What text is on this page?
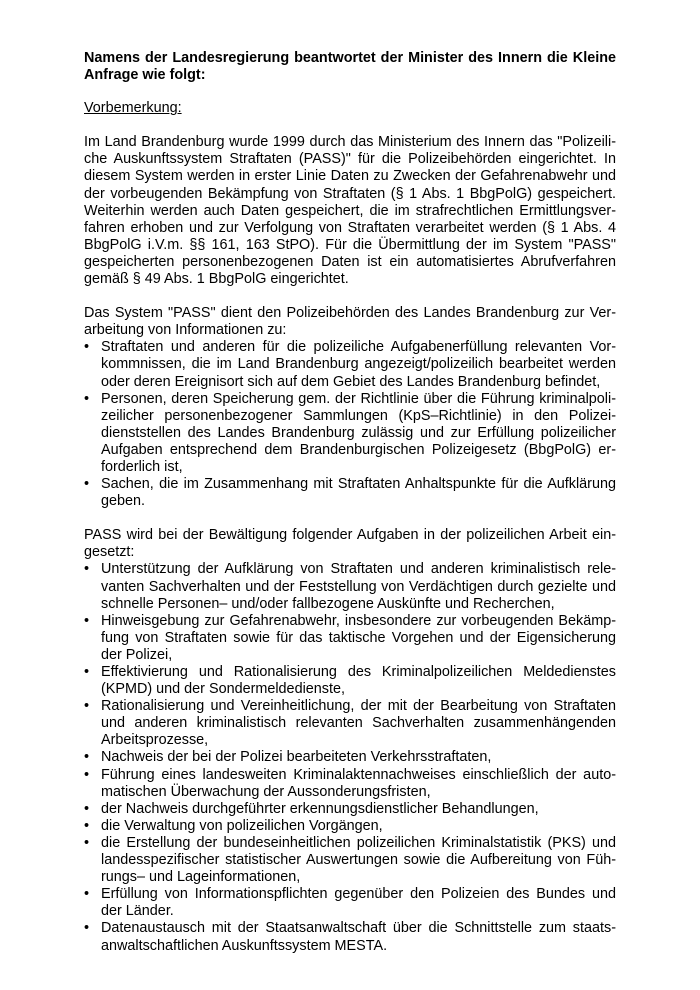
Namens der Landesregierung beantwortet der Minister des Innern die Kleine Anfrage wie folgt:
Vorbemerkung:

Im Land Brandenburg wurde 1999 durch das Ministerium des Innern das "Polizeiliche Auskunftssystem Straftaten (PASS)" für die Polizeibehörden eingerichtet. In diesem System werden in erster Linie Daten zu Zwecken der Gefahrenabwehr und der vorbeugenden Bekämpfung von Straftaten (§ 1 Abs. 1 BbgPolG) gespeichert. Weiterhin werden auch Daten gespeichert, die im strafrechtlichen Ermittlungsverfahren erhoben und zur Verfolgung von Straftaten verarbeitet werden (§ 1 Abs. 4 BbgPolG i.V.m. §§ 161, 163 StPO). Für die Übermittlung der im System "PASS" gespeicherten personenbezogenen Daten ist ein automatisiertes Abrufverfahren gemäß § 49 Abs. 1 BbgPolG eingerichtet.

Das System "PASS" dient den Polizeibehörden des Landes Brandenburg zur Verarbeitung von Informationen zu:

• Straftaten und anderen für die polizeiliche Aufgabenerfüllung relevanten Vorkommnissen, die im Land Brandenburg angezeigt/polizeilich bearbeitet werden oder deren Ereignisort sich auf dem Gebiet des Landes Brandenburg befindet,
• Personen, deren Speicherung gem. der Richtlinie über die Führung kriminalpolizeilicher personenbezogener Sammlungen (KpS–Richtlinie) in den Polizeidienststellen des Landes Brandenburg zulässig und zur Erfüllung polizeilicher Aufgaben entsprechend dem Brandenburgischen Polizeigesetz (BbgPolG) erforderlich ist,
• Sachen, die im Zusammenhang mit Straftaten Anhaltspunkte für die Aufklärung geben.

PASS wird bei der Bewältigung folgender Aufgaben in der polizeilichen Arbeit eingesetzt:

• Unterstützung der Aufklärung von Straftaten und anderen kriminalistisch relevanten Sachverhalten und der Feststellung von Verdächtigen durch gezielte und schnelle Personen– und/oder fallbezogene Auskünfte und Recherchen,
• Hinweisgebung zur Gefahrenabwehr, insbesondere zur vorbeugenden Bekämpfung von Straftaten sowie für das taktische Vorgehen und der Eigensicherung der Polizei,
• Effektivierung und Rationalisierung des Kriminalpolizeilichen Meldedienstes (KPMD) und der Sondermeldedienste,
• Rationalisierung und Vereinheitlichung, der mit der Bearbeitung von Straftaten und anderen kriminalistisch relevanten Sachverhalten zusammenhängenden Arbeitsprozesse,
• Nachweis der bei der Polizei bearbeiteten Verkehrsstraftaten,
• Führung eines landesweiten Kriminalaktennachweises einschließlich der automatischen Überwachung der Aussonderungsfristen,
• der Nachweis durchgeführter erkennungsdienstlicher Behandlungen,
• die Verwaltung von polizeilichen Vorgängen,
• die Erstellung der bundeseinheitlichen polizeilichen Kriminalstatistik (PKS) und landesspezifischer statistischer Auswertungen sowie die Aufbereitung von Führungs– und Lageinformationen,
• Erfüllung von Informationspflichten gegenüber den Polizeien des Bundes und der Länder.
• Datenaustausch mit der Staatsanwaltschaft über die Schnittstelle zum staatsanwaltschaftlichen Auskunftssystem MESTA.
